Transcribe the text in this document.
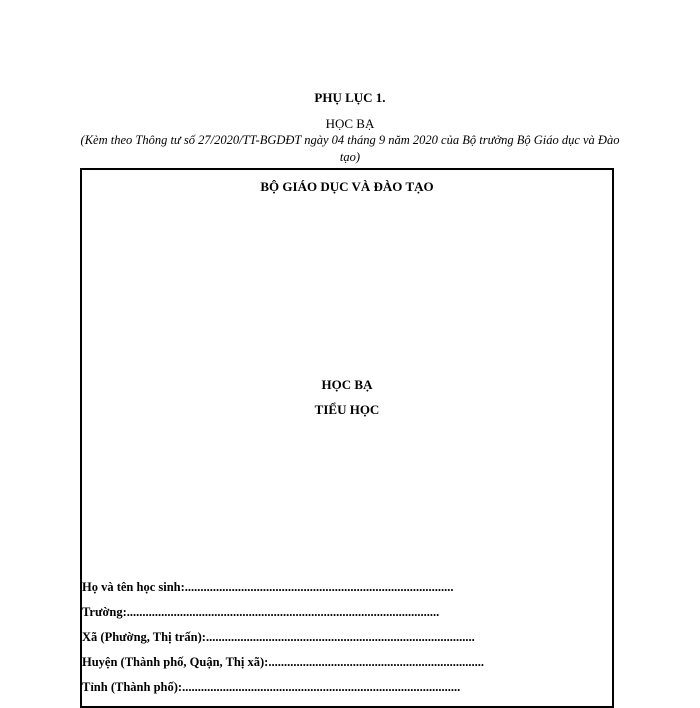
PHỤ LỤC 1.
HỌC BẠ
(Kèm theo Thông tư số 27/2020/TT-BGDĐT ngày 04 tháng 9 năm 2020 của Bộ trưởng Bộ Giáo dục và Đào tạo)
BỘ GIÁO DỤC VÀ ĐÀO TẠO
HỌC BẠ
TIỂU HỌC
Họ và tên học sinh:......................................................................................
Trường:....................................................................................................
Xã (Phường, Thị trấn):......................................................................................
Huyện (Thành phố, Quận, Thị xã):.....................................................................
Tỉnh (Thành phố):.........................................................................................
